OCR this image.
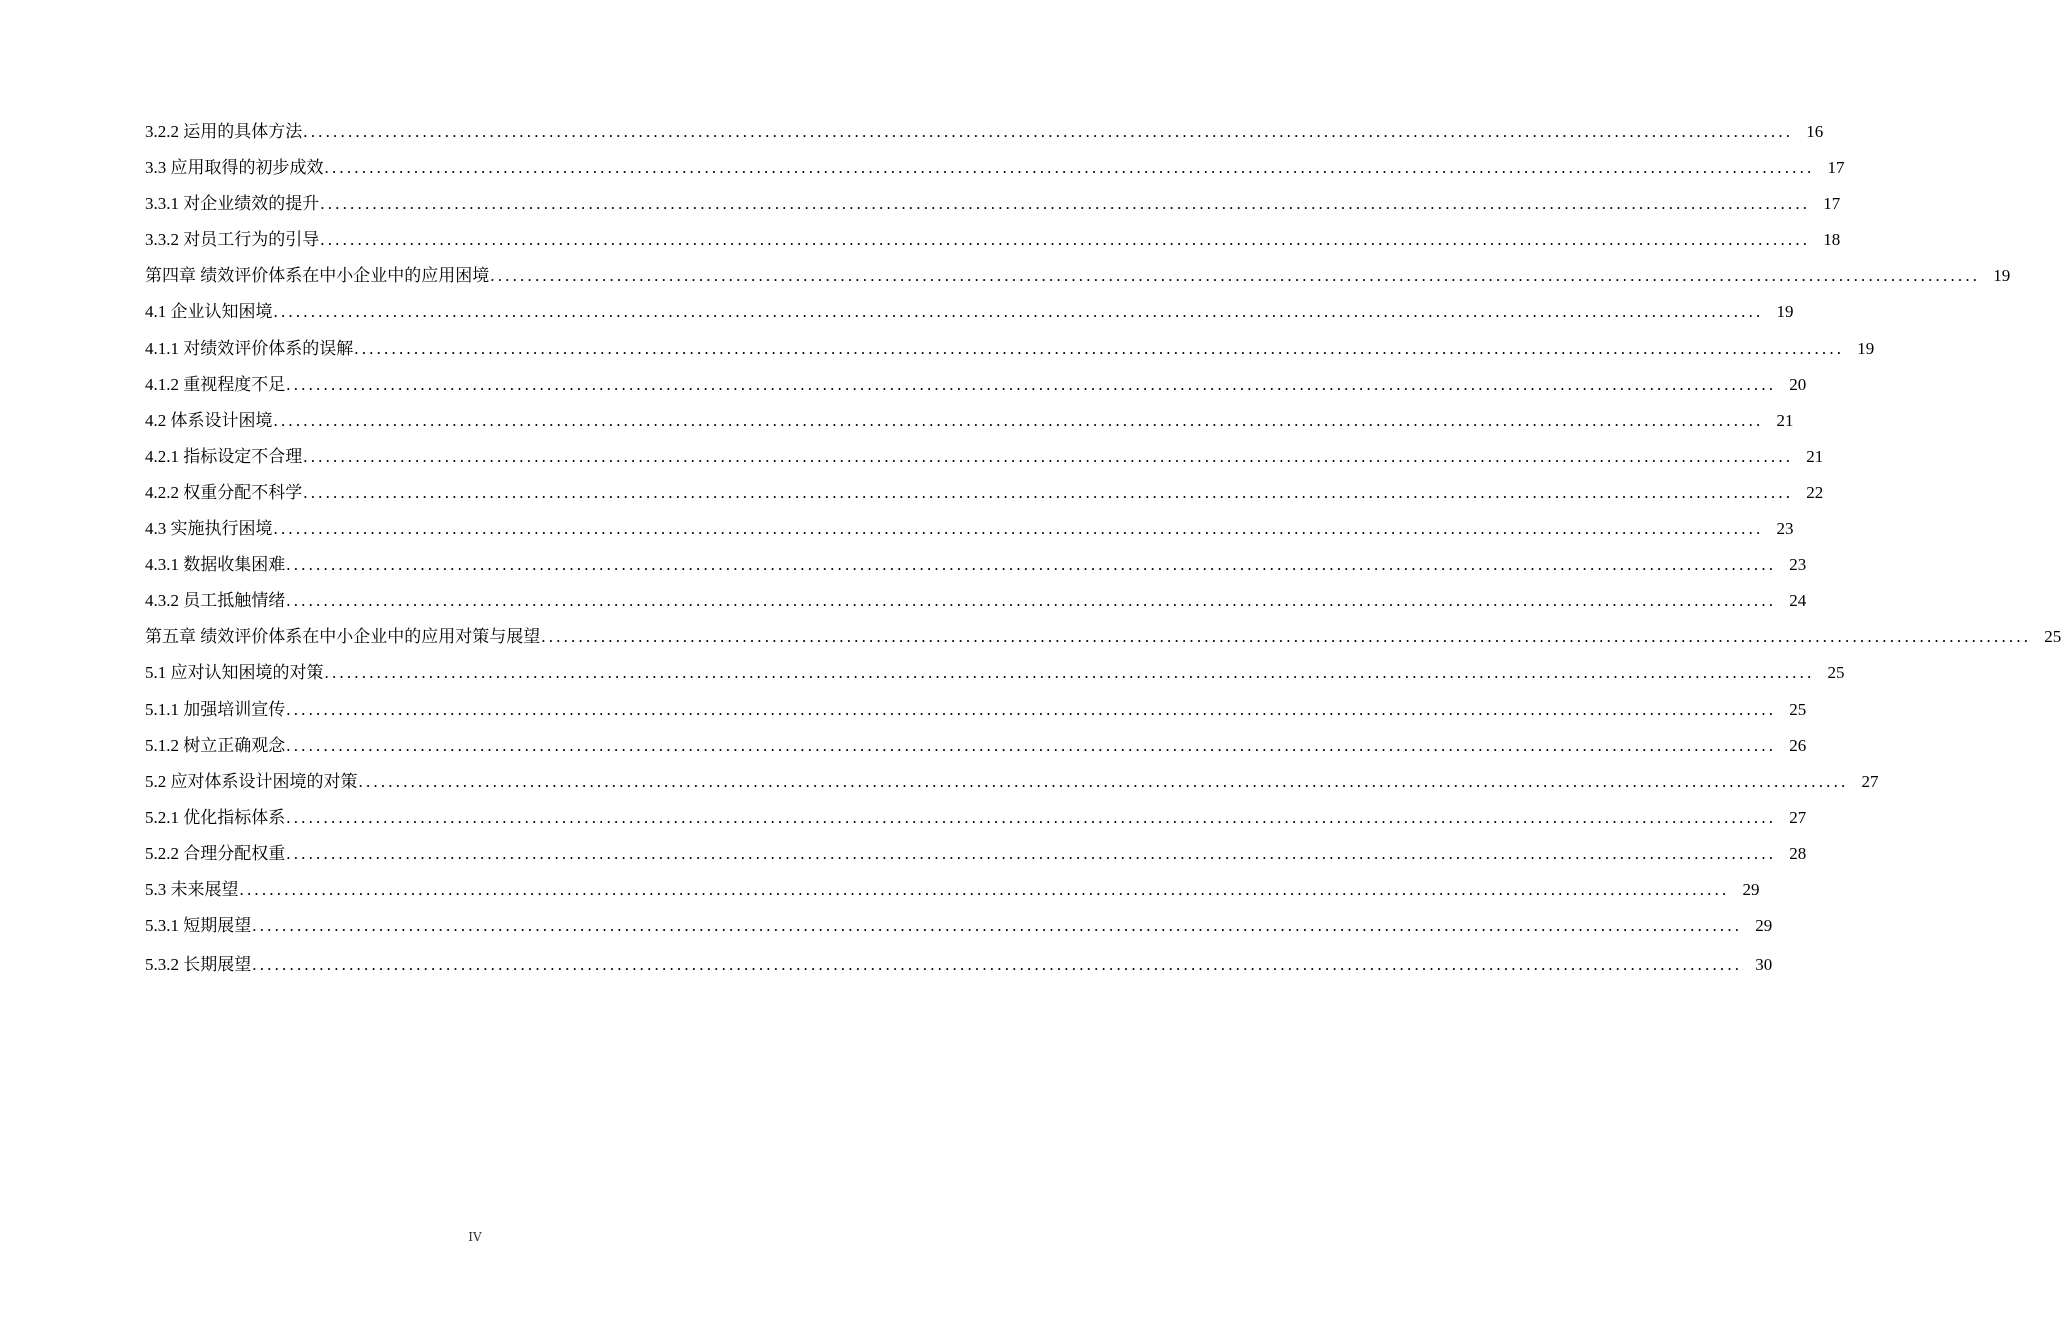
3.2.2 运用的具体方法 ........................................................................................................................................................................................................ 16
3.3 应用取得的初步成效 ........................................................................................................................................................................................................ 17
3.3.1 对企业绩效的提升 ........................................................................................................................................................................................................ 17
3.3.2 对员工行为的引导 ........................................................................................................................................................................................................ 18
第四章 绩效评价体系在中小企业中的应用困境 ........................................................................................................................................................................................................ 19
4.1 企业认知困境 ........................................................................................................................................................................................................ 19
4.1.1 对绩效评价体系的误解 ........................................................................................................................................................................................................ 19
4.1.2 重视程度不足 ........................................................................................................................................................................................................ 20
4.2 体系设计困境 ........................................................................................................................................................................................................ 21
4.2.1 指标设定不合理 ........................................................................................................................................................................................................ 21
4.2.2 权重分配不科学 ........................................................................................................................................................................................................ 22
4.3 实施执行困境 ........................................................................................................................................................................................................ 23
4.3.1 数据收集困难 ........................................................................................................................................................................................................ 23
4.3.2 员工抵触情绪 ........................................................................................................................................................................................................ 24
第五章 绩效评价体系在中小企业中的应用对策与展望 ........................................................................................................................................................................................................ 25
5.1 应对认知困境的对策 ........................................................................................................................................................................................................ 25
5.1.1 加强培训宣传 ........................................................................................................................................................................................................ 25
5.1.2 树立正确观念 ........................................................................................................................................................................................................ 26
5.2 应对体系设计困境的对策 ........................................................................................................................................................................................................ 27
5.2.1 优化指标体系 ........................................................................................................................................................................................................ 27
5.2.2 合理分配权重 ........................................................................................................................................................................................................ 28
5.3 未来展望 ........................................................................................................................................................................................................ 29
5.3.1 短期展望 ........................................................................................................................................................................................................ 29
5.3.2 长期展望 ........................................................................................................................................................................................................ 30
IV
